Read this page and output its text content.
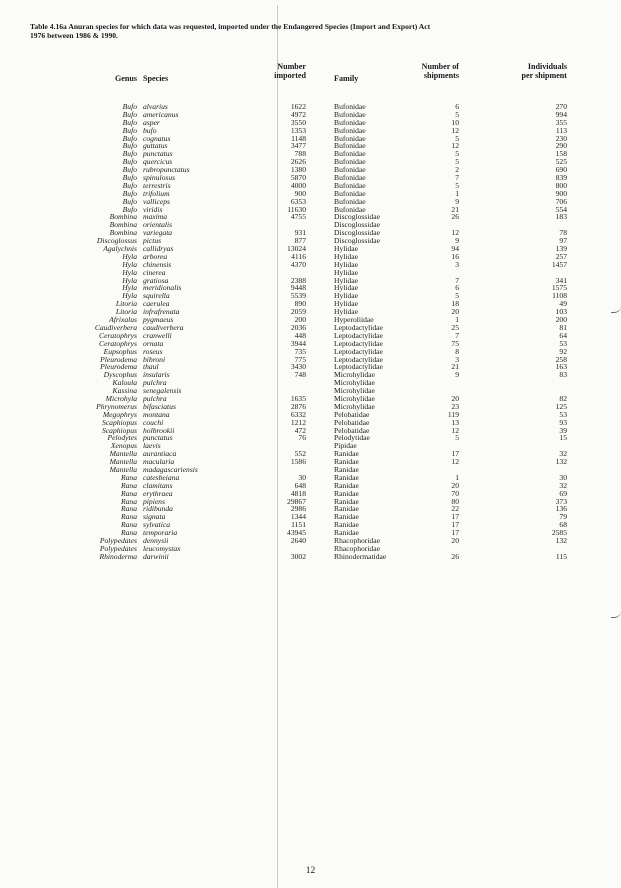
Table 4.16a Anuran species for which data was requested, imported under the Endangered Species (Import and Export) Act
1976 between 1986 & 1990.
Genus Species
Number
imported	Family
Number of
shipments
Individuals
per shipment
Bufo alvarius	1622	Bufonidae	6	270
Bufo americanus	4972	Bufonidae	5	994
Bufo asper	3550	Bufonidae	10	355
Bufo bufo	1353	Bufonidae	12	113
Bufo cognatus	1148	Bufonidae	5	230
Bufo guttatus	3477	Bufonidae	12	290
Bufo punctatus	788	Bufonidae	5	158
Bufo quercicus	2626	Bufonidae	5	525
Bufo rubropunctatus	1380	Bufonidae	2	690
Bufo spinulosus	5870	Bufonidae	7	839
Bufo terrestris	4000	Bufonidae	5	800
Bufo trifolium	900	Bufonidae	1	900
Bufo valliceps	6353	Bufonidae	9	706
Bufo viridis	11630	Bufonidae	21	554
Bombina maxima	4755	Discoglossidae	26	183
Bombina orientalis	Discoglossidae
Bombina variegata	931	Discoglossidae	12	78
Discoglossus pictus	877	Discoglossidae	9	97
Agalychnis callidryas	13024	Hylidae	94	139
Hyla arborea	4116	Hylidae	16	257
Hyla chinensis	4370	Hylidae	3	1457
Hyla cinerea	Hylidae
Hyla gratiosa	2388	Hylidae	7	341
Hyla meridionalis	9448	Hylidae	6	1575
Hyla squirella	5539	Hylidae	5	1108
Litoria caerulea	890	Hylidae	18	49
Litoria infrafrenata	2059	Hylidae	20	103
Afrixalus pygmaeus	200	Hyperoliidae	1	200
Caudiverbera caudiverbera	2036	Leptodactylidae	25	81
Ceratophrys cranwelli	448	Leptodactylidae	7	64
Ceratophrys ornata	3944	Leptodactylidae	75	53
Eupsophus roseus	735	Leptodactylidae	8	92
Pleurodema bibroni	775	Leptodactylidae	3	258
Pleurodema thaul	3430	Leptodactylidae	21	163
Dyscophus insularis	748	Microhylidae	9	83
Kaloula pulchra	Microhylidae
Kassina senegalensis	Microhylidae
Microhyla pulchra	1635	Microhylidae	20	82
Phrynomerus bifasciatus	2876	Microhylidae	23	125
Megophrys montana	6332	Pelobatidae	119	53
Scaphiopus couchi	1212	Pelobatidae	13	93
Scaphiopus holbrookii	472	Pelobatidae	12	39
Pelodytes punctatus	76	Pelodytidae	5	15
Xenopus laevis	Pipidae
Mantella aurantiaca	552	Ranidae	17	32
Mantella macularia	1586	Ranidae	12	132
Mantella madagascariensis	Ranidae
Rana catesbeiana	30	Ranidae	1	30
Rana clamitans	648	Ranidae	20	32
Rana erythraea	4818	Ranidae	70	69
Rana pipiens	29867	Ranidae	80	373
Rana ridibunda	2986	Ranidae	22	136
Rana signata	1344	Ranidae	17	79
Rana sylvatica	1151	Ranidae	17	68
Rana temporaria	43945	Ranidae	17	2585
Polypedates dennysii	2640	Rhacophoridae	20	132
Polypedates leucomystax	Rhacophoridae
Rhinoderma darwinii	3002	Rhinodermatidae	26	115
12
